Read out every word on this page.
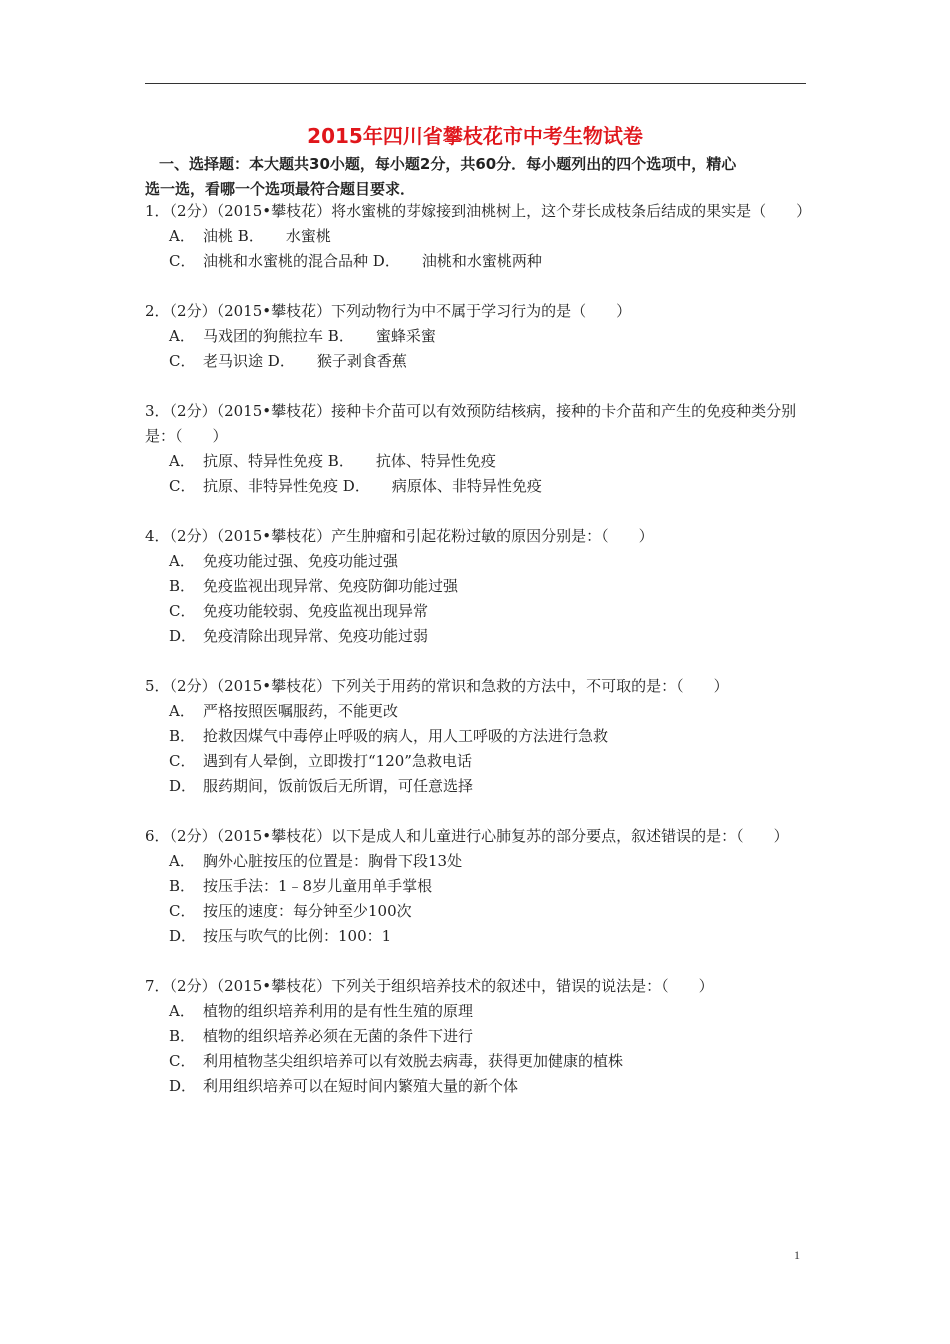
2015年四川省攀枝花市中考生物试卷
一、选择题：本大题共30小题，每小题2分，共60分．每小题列出的四个选项中，精心
选一选，看哪一个选项最符合题目要求．
1．（2分）（2015•攀枝花）将水蜜桃的芽嫁接到油桃树上，这个芽长成枝条后结成的果实是（　　）
A． 油桃 B． 水蜜桃
C． 油桃和水蜜桃的混合品种 D． 油桃和水蜜桃两种
2．（2分）（2015•攀枝花）下列动物行为中不属于学习行为的是（　　）
A． 马戏团的狗熊拉车 B． 蜜蜂采蜜
C． 老马识途 D． 猴子剥食香蕉
3．（2分）（2015•攀枝花）接种卡介苗可以有效预防结核病，接种的卡介苗和产生的免疫种类分别是：（　　）
A． 抗原、特异性免疫 B． 抗体、特异性免疫
C． 抗原、非特异性免疫 D． 病原体、非特异性免疫
4．（2分）（2015•攀枝花）产生肿瘤和引起花粉过敏的原因分别是：（　　）
A． 免疫功能过强、免疫功能过强
B． 免疫监视出现异常、免疫防御功能过强
C． 免疫功能较弱、免疫监视出现异常
D． 免疫清除出现异常、免疫功能过弱
5．（2分）（2015•攀枝花）下列关于用药的常识和急救的方法中，不可取的是：（　　）
A． 严格按照医嘱服药，不能更改
B． 抢救因煤气中毒停止呼吸的病人，用人工呼吸的方法进行急救
C． 遇到有人晕倒，立即拨打“120”急救电话
D． 服药期间，饭前饭后无所谓，可任意选择
6．（2分）（2015•攀枝花）以下是成人和儿童进行心肺复苏的部分要点，叙述错误的是：（　　）
A． 胸外心脏按压的位置是：胸骨下段13处
B． 按压手法：1﹣8岁儿童用单手掌根
C． 按压的速度：每分钟至少100次
D． 按压与吹气的比例：100：1
7．（2分）（2015•攀枝花）下列关于组织培养技术的叙述中，错误的说法是：（　　）
A． 植物的组织培养利用的是有性生殖的原理
B． 植物的组织培养必须在无菌的条件下进行
C． 利用植物茎尖组织培养可以有效脱去病毒，获得更加健康的植株
D． 利用组织培养可以在短时间内繁殖大量的新个体
1
